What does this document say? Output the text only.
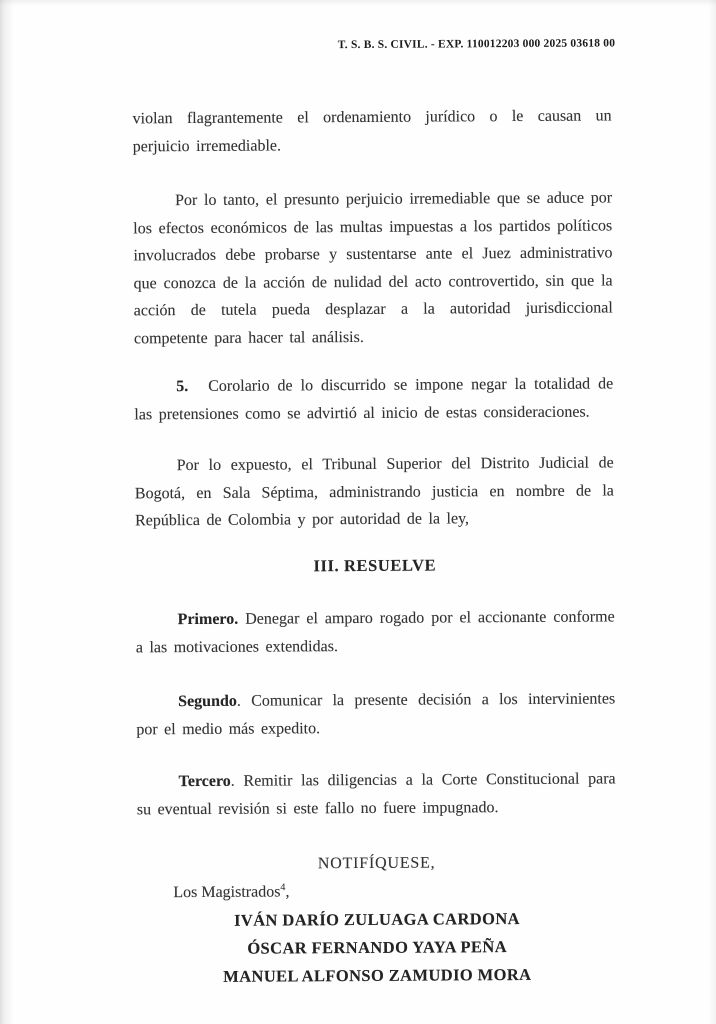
T. S. B. S. CIVIL. - EXP. 110012203 000 2025 03618 00

violan flagrantemente el ordenamiento jurídico o le causan un perjuicio irremediable.

Por lo tanto, el presunto perjuicio irremediable que se aduce por los efectos económicos de las multas impuestas a los partidos políticos involucrados debe probarse y sustentarse ante el Juez administrativo que conozca de la acción de nulidad del acto controvertido, sin que la acción de tutela pueda desplazar a la autoridad jurisdiccional competente para hacer tal análisis.

5. Corolario de lo discurrido se impone negar la totalidad de las pretensiones como se advirtió al inicio de estas consideraciones.

Por lo expuesto, el Tribunal Superior del Distrito Judicial de Bogotá, en Sala Séptima, administrando justicia en nombre de la República de Colombia y por autoridad de la ley,

III. RESUELVE

Primero. Denegar el amparo rogado por el accionante conforme a las motivaciones extendidas.

Segundo. Comunicar la presente decisión a los intervinientes por el medio más expedito.

Tercero. Remitir las diligencias a la Corte Constitucional para su eventual revisión si este fallo no fuere impugnado.

NOTIFÍQUESE,
Los Magistrados$^4$,
IVÁN DARÍO ZULUAGA CARDONA
ÓSCAR FERNANDO YAYA PEÑA
MANUEL ALFONSO ZAMUDIO MORA
